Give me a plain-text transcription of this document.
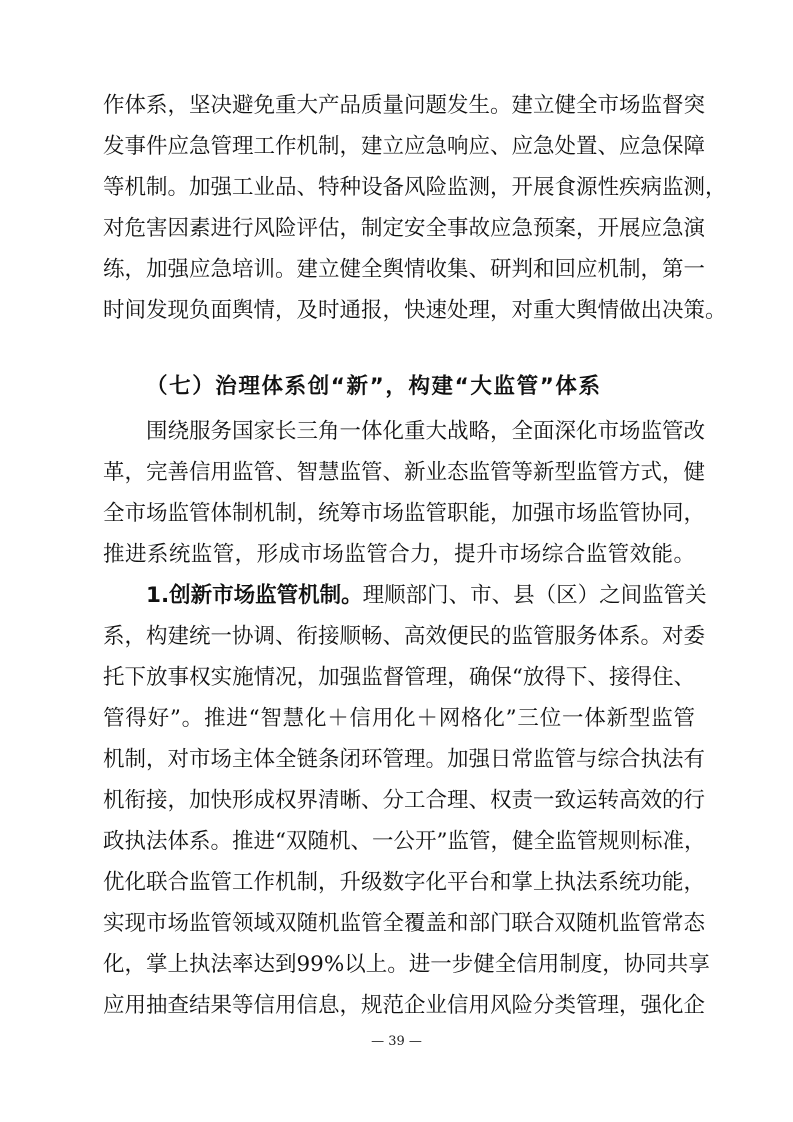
作体系，坚决避免重大产品质量问题发生。建立健全市场监督突
发事件应急管理工作机制，建立应急响应、应急处置、应急保障
等机制。加强工业品、特种设备风险监测，开展食源性疾病监测，
对危害因素进行风险评估，制定安全事故应急预案，开展应急演
练，加强应急培训。建立健全舆情收集、研判和回应机制，第一
时间发现负面舆情，及时通报，快速处理，对重大舆情做出决策。
（七）治理体系创“新”，构建“大监管”体系
围绕服务国家长三角一体化重大战略，全面深化市场监管改
革，完善信用监管、智慧监管、新业态监管等新型监管方式，健
全市场监管体制机制，统筹市场监管职能，加强市场监管协同，
推进系统监管，形成市场监管合力，提升市场综合监管效能。
1.创新市场监管机制。理顺部门、市、县（区）之间监管关
系，构建统一协调、衔接顺畅、高效便民的监管服务体系。对委
托下放事权实施情况，加强监督管理，确保“放得下、接得住、
管得好”。推进“智慧化＋信用化＋网格化”三位一体新型监管
机制，对市场主体全链条闭环管理。加强日常监管与综合执法有
机衔接，加快形成权界清晰、分工合理、权责一致运转高效的行
政执法体系。推进“双随机、一公开”监管，健全监管规则标准，
优化联合监管工作机制，升级数字化平台和掌上执法系统功能，
实现市场监管领域双随机监管全覆盖和部门联合双随机监管常态
化，掌上执法率达到99%以上。进一步健全信用制度，协同共享
应用抽查结果等信用信息，规范企业信用风险分类管理，强化企
— 39 —
